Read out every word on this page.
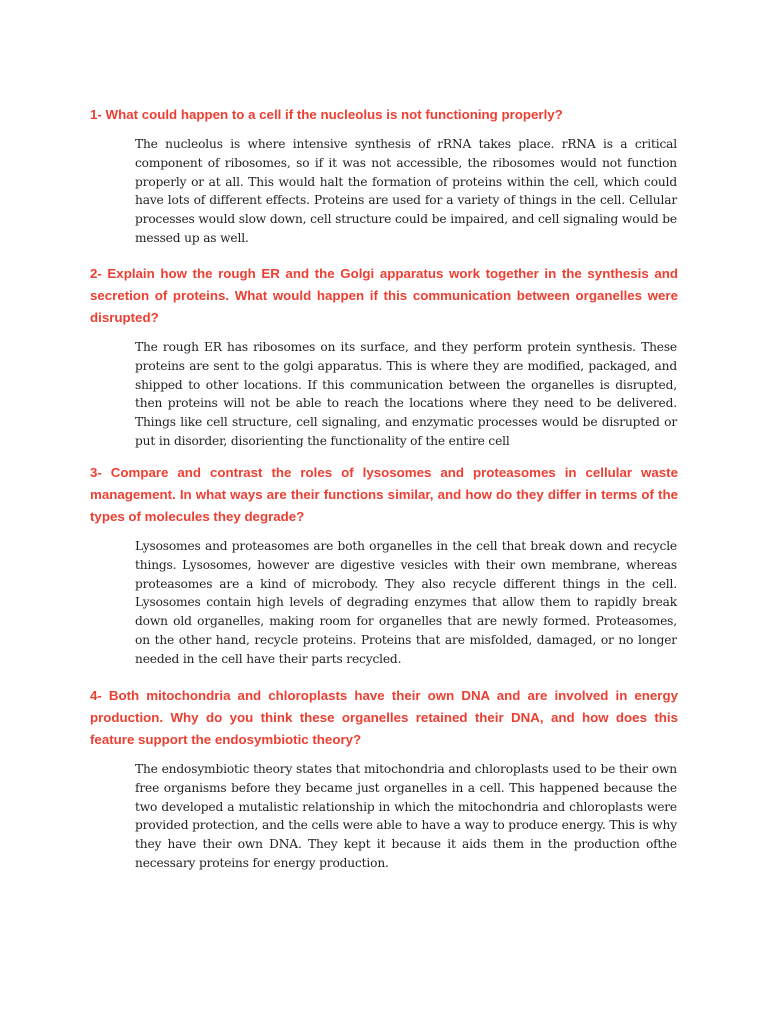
1- What could happen to a cell if the nucleolus is not functioning properly?
The nucleolus is where intensive synthesis of rRNA takes place. rRNA is a critical component of ribosomes, so if it was not accessible, the ribosomes would not function properly or at all. This would halt the formation of proteins within the cell, which could have lots of different effects. Proteins are used for a variety of things in the cell. Cellular processes would slow down, cell structure could be impaired, and cell signaling would be messed up as well.
2- Explain how the rough ER and the Golgi apparatus work together in the synthesis and secretion of proteins. What would happen if this communication between organelles were disrupted?
The rough ER has ribosomes on its surface, and they perform protein synthesis. These proteins are sent to the golgi apparatus. This is where they are modified, packaged, and shipped to other locations. If this communication between the organelles is disrupted, then proteins will not be able to reach the locations where they need to be delivered. Things like cell structure, cell signaling, and enzymatic processes would be disrupted or put in disorder, disorienting the functionality of the entire cell
3- Compare and contrast the roles of lysosomes and proteasomes in cellular waste management. In what ways are their functions similar, and how do they differ in terms of the types of molecules they degrade?
Lysosomes and proteasomes are both organelles in the cell that break down and recycle things. Lysosomes, however are digestive vesicles with their own membrane, whereas proteasomes are a kind of microbody. They also recycle different things in the cell. Lysosomes contain high levels of degrading enzymes that allow them to rapidly break down old organelles, making room for organelles that are newly formed. Proteasomes, on the other hand, recycle proteins. Proteins that are misfolded, damaged, or no longer needed in the cell have their parts recycled.
4- Both mitochondria and chloroplasts have their own DNA and are involved in energy production. Why do you think these organelles retained their DNA, and how does this feature support the endosymbiotic theory?
The endosymbiotic theory states that mitochondria and chloroplasts used to be their own free organisms before they became just organelles in a cell. This happened because the two developed a mutalistic relationship in which the mitochondria and chloroplasts were provided protection, and the cells were able to have a way to produce energy. This is why they have their own DNA. They kept it because it aids them in the production ofthe necessary proteins for energy production.
